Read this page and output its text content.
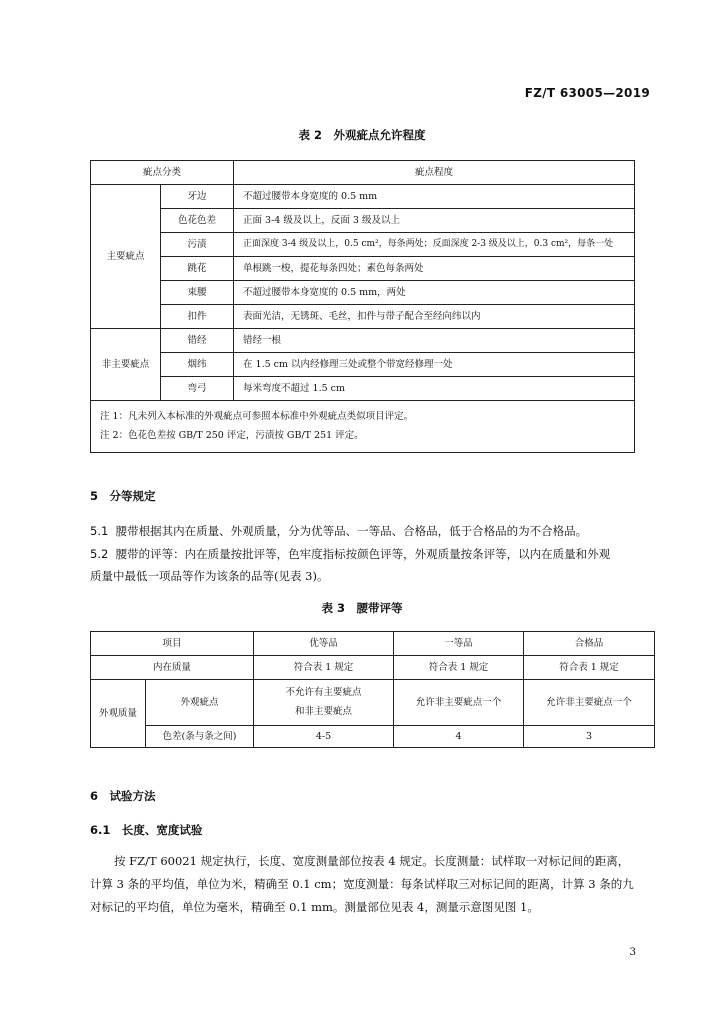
FZ/T 63005—2019
表 2　外观疵点允许程度
疵点分类		疵点程度
主要疵点	牙边	不超过腰带本身宽度的 0.5 mm
	色花色差	正面 3-4 级及以上，反面 3 级及以上
	污渍	正面深度 3-4 级及以上，0.5 cm²，每条两处；反面深度 2-3 级及以上，0.3 cm²，每条一处
	跳花	单根跳一梭，提花每条四处；素色每条两处
	束腰	不超过腰带本身宽度的 0.5 mm，两处
	扣件	表面光洁，无锈斑、毛丝，扣件与带子配合至经向纬以内
非主要疵点	错经	错经一根
	烟纬	在 1.5 cm 以内经修理三处或整个带宽经修理一处
	弯弓	每米弯度不超过 1.5 cm

注 1：凡未列入本标准的外观疵点可参照本标准中外观疵点类似项目评定。
注 2：色花色差按 GB/T 250 评定，污渍按 GB/T 251 评定。		
5　分等规定
5.1 腰带根据其内在质量、外观质量，分为优等品、一等品、合格品，低于合格品的为不合格品。
5.2 腰带的评等：内在质量按批评等，色牢度指标按颜色评等，外观质量按条评等，以内在质量和外观
质量中最低一项品等作为该条的品等(见表 3)。
表 3　腰带评等
项目		优等品	一等品	合格品
内在质量		符合表 1 规定	符合表 1 规定	符合表 1 规定
外观质量	外观疵点	不允许有主要疵点
和非主要疵点	允许非主要疵点一个	允许非主要疵点一个
	色差(条与条之间)	4-5	4	3
6　试验方法
6.1　长度、宽度试验
按 FZ/T 60021 规定执行，长度、宽度测量部位按表 4 规定。长度测量：试样取一对标记间的距离，
计算 3 条的平均值，单位为米，精确至 0.1 cm；宽度测量：每条试样取三对标记间的距离，计算 3 条的九
对标记的平均值，单位为毫米，精确至 0.1 mm。测量部位见表 4，测量示意图见图 1。
3
